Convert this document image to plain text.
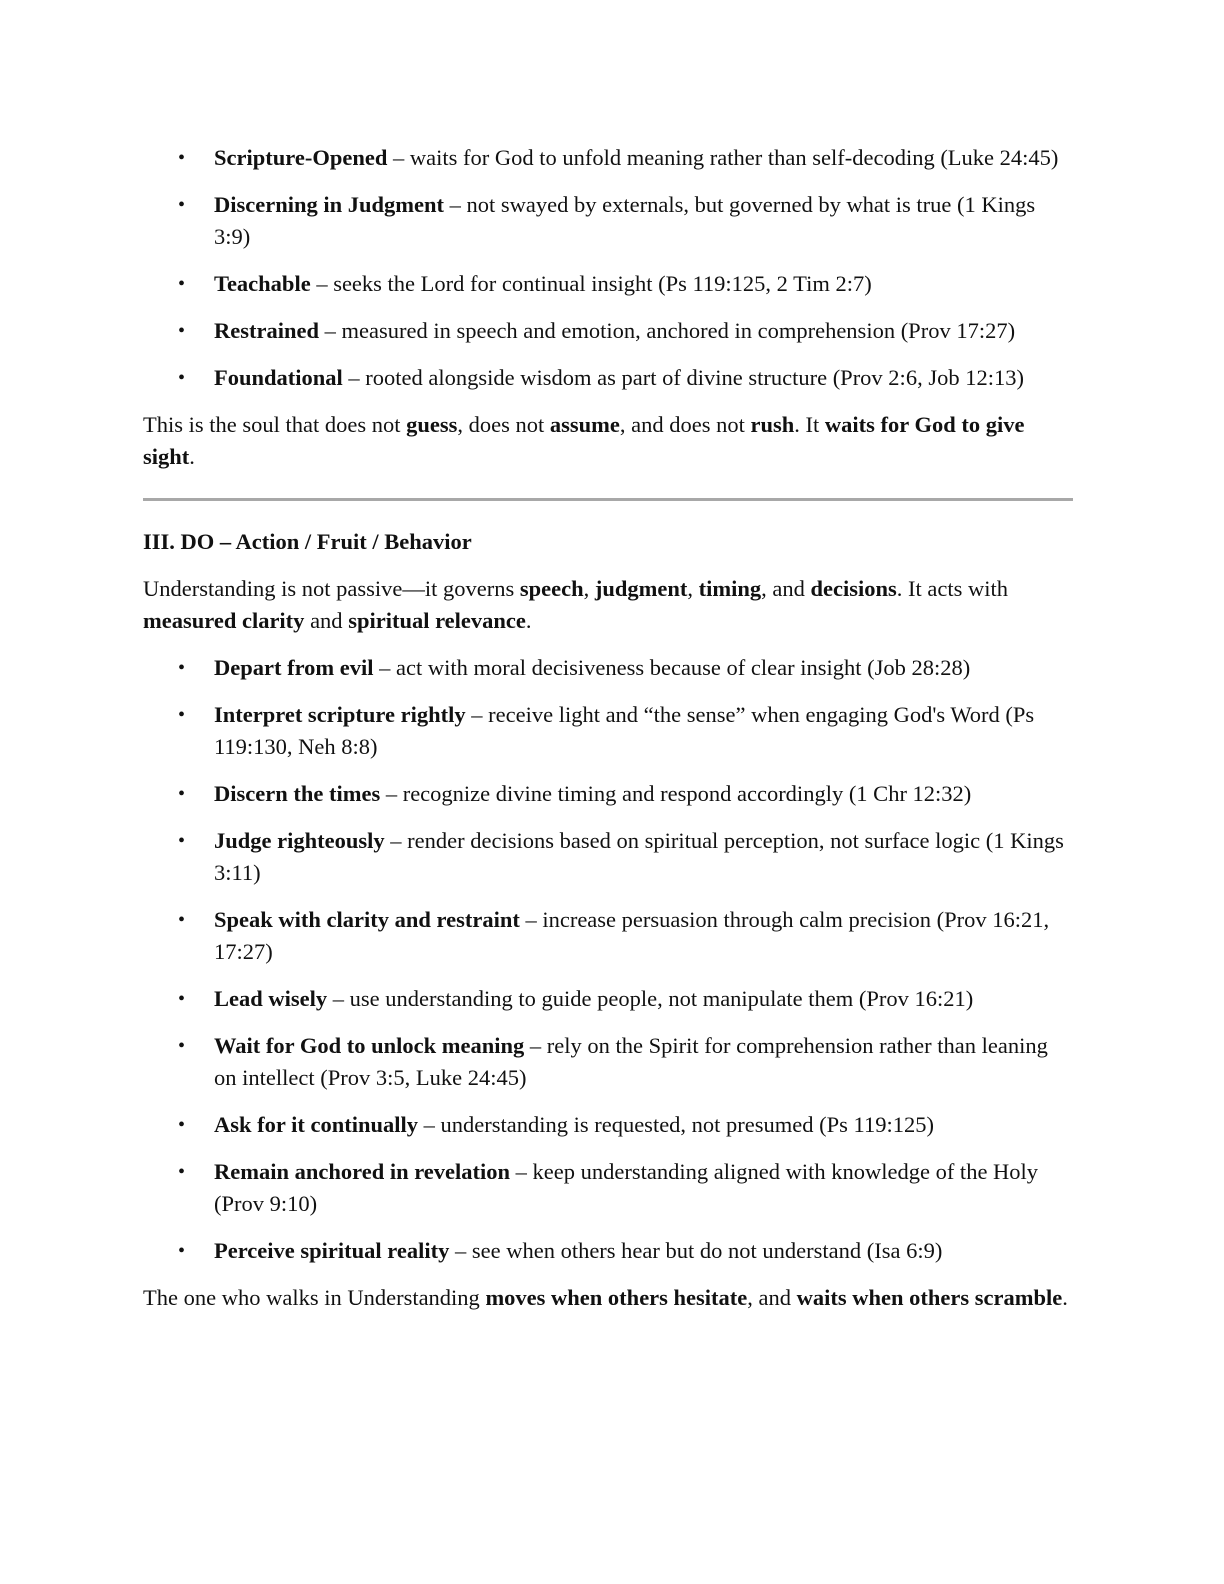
• Scripture-Opened – waits for God to unfold meaning rather than self-decoding (Luke 24:45)
• Discerning in Judgment – not swayed by externals, but governed by what is true (1 Kings 3:9)
• Teachable – seeks the Lord for continual insight (Ps 119:125, 2 Tim 2:7)
• Restrained – measured in speech and emotion, anchored in comprehension (Prov 17:27)
• Foundational – rooted alongside wisdom as part of divine structure (Prov 2:6, Job 12:13)

This is the soul that does not guess, does not assume, and does not rush. It waits for God to give sight.

III. DO – Action / Fruit / Behavior

Understanding is not passive—it governs speech, judgment, timing, and decisions. It acts with measured clarity and spiritual relevance.

• Depart from evil – act with moral decisiveness because of clear insight (Job 28:28)
• Interpret scripture rightly – receive light and “the sense” when engaging God's Word (Ps 119:130, Neh 8:8)
• Discern the times – recognize divine timing and respond accordingly (1 Chr 12:32)
• Judge righteously – render decisions based on spiritual perception, not surface logic (1 Kings 3:11)
• Speak with clarity and restraint – increase persuasion through calm precision (Prov 16:21, 17:27)
• Lead wisely – use understanding to guide people, not manipulate them (Prov 16:21)
• Wait for God to unlock meaning – rely on the Spirit for comprehension rather than leaning on intellect (Prov 3:5, Luke 24:45)
• Ask for it continually – understanding is requested, not presumed (Ps 119:125)
• Remain anchored in revelation – keep understanding aligned with knowledge of the Holy (Prov 9:10)
• Perceive spiritual reality – see when others hear but do not understand (Isa 6:9)

The one who walks in Understanding moves when others hesitate, and waits when others scramble.
